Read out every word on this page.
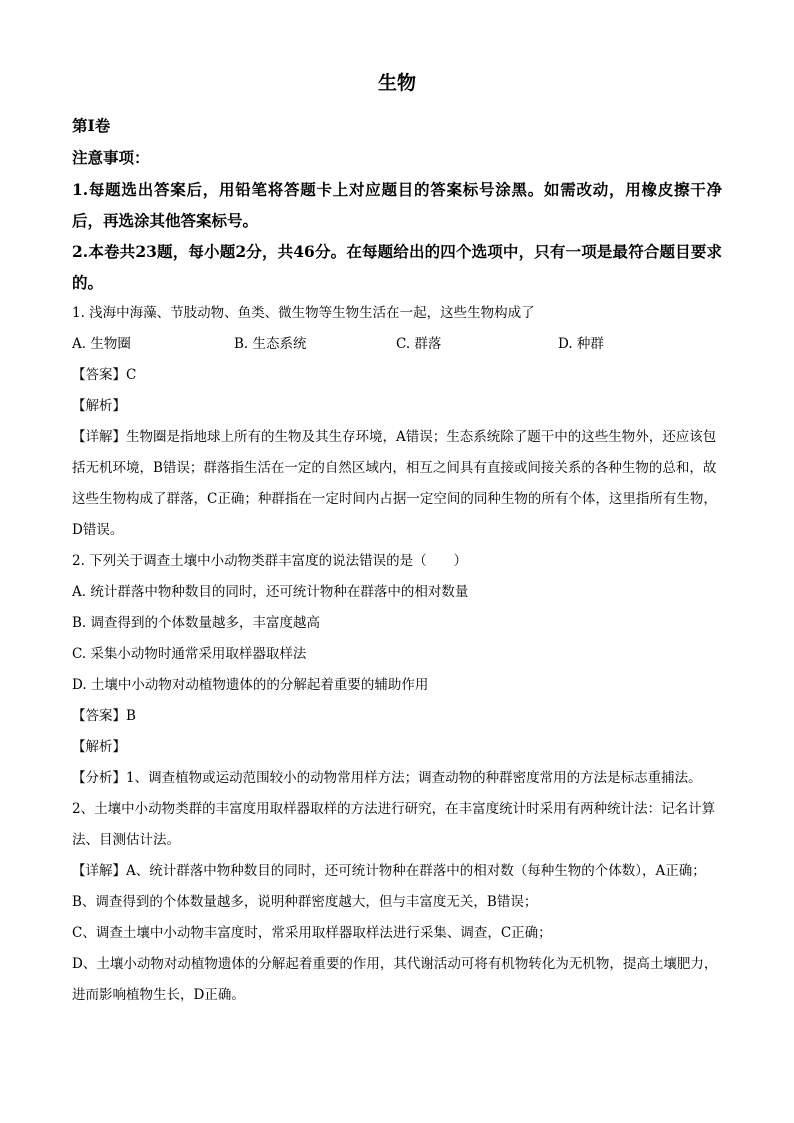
生物
第I卷
注意事项：
1.每题选出答案后，用铅笔将答题卡上对应题目的答案标号涂黑。如需改动，用橡皮擦干净后，再选涂其他答案标号。
2.本卷共23题，每小题2分，共46分。在每题给出的四个选项中，只有一项是最符合题目要求的。

1. 浅海中海藻、节肢动物、鱼类、微生物等生物生活在一起，这些生物构成了

A. 生物圈	B. 生态系统	C. 群落	D. 种群

【答案】C

【解析】

【详解】生物圈是指地球上所有的生物及其生存环境，A错误；生态系统除了题干中的这些生物外，还应该包括无机环境，B错误；群落指生活在一定的自然区域内，相互之间具有直接或间接关系的各种生物的总和，故这些生物构成了群落，C正确；种群指在一定时间内占据一定空间的同种生物的所有个体，这里指所有生物，D错误。

2. 下列关于调查土壤中小动物类群丰富度的说法错误的是（　　）

A. 统计群落中物种数目的同时，还可统计物种在群落中的相对数量

B. 调查得到的个体数量越多，丰富度越高

C. 采集小动物时通常采用取样器取样法

D. 土壤中小动物对动植物遗体的的分解起着重要的辅助作用

【答案】B

【解析】

【分析】1、调查植物或运动范围较小的动物常用样方法；调查动物的种群密度常用的方法是标志重捕法。

2、土壤中小动物类群的丰富度用取样器取样的方法进行研究，在丰富度统计时采用有两种统计法：记名计算法、目测估计法。

【详解】A、统计群落中物种数目的同时，还可统计物种在群落中的相对数（每种生物的个体数），A正确；

B、调查得到的个体数量越多，说明种群密度越大，但与丰富度无关，B错误；

C、调查土壤中小动物丰富度时，常采用取样器取样法进行采集、调查，C正确；

D、土壤小动物对动植物遗体的分解起着重要的作用，其代谢活动可将有机物转化为无机物，提高土壤肥力，进而影响植物生长，D正确。
